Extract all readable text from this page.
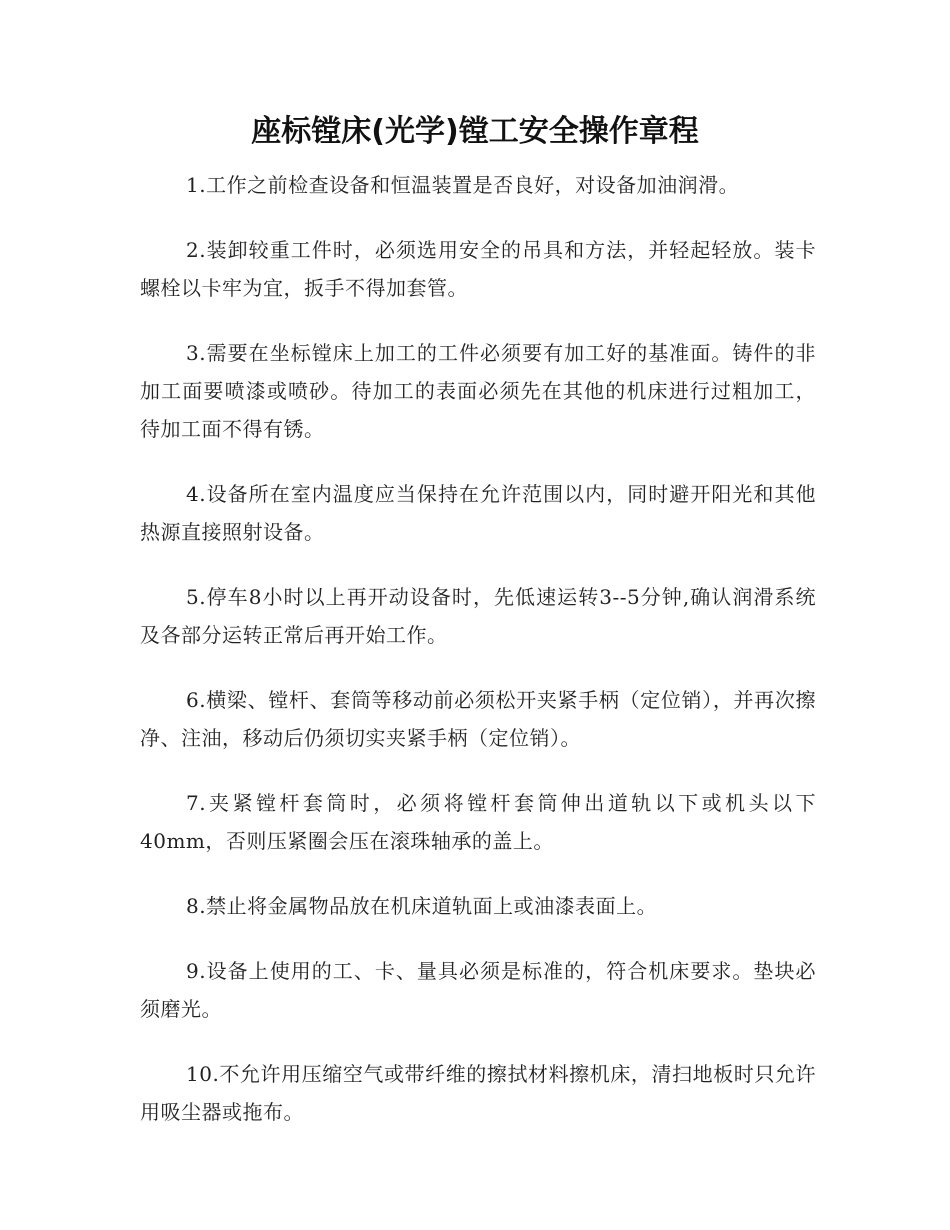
座标镗床(光学)镗工安全操作章程

1.工作之前检查设备和恒温装置是否良好，对设备加油润滑。

2.装卸较重工件时，必须选用安全的吊具和方法，并轻起轻放。装卡螺栓以卡牢为宜，扳手不得加套管。

3.需要在坐标镗床上加工的工件必须要有加工好的基准面。铸件的非加工面要喷漆或喷砂。待加工的表面必须先在其他的机床进行过粗加工，待加工面不得有锈。

4.设备所在室内温度应当保持在允许范围以内，同时避开阳光和其他热源直接照射设备。

5.停车8小时以上再开动设备时，先低速运转3--5分钟,确认润滑系统及各部分运转正常后再开始工作。

6.横梁、镗杆、套筒等移动前必须松开夹紧手柄（定位销），并再次擦净、注油，移动后仍须切实夹紧手柄（定位销）。

7.夹紧镗杆套筒时，必须将镗杆套筒伸出道轨以下或机头以下40mm，否则压紧圈会压在滚珠轴承的盖上。

8.禁止将金属物品放在机床道轨面上或油漆表面上。

9.设备上使用的工、卡、量具必须是标准的，符合机床要求。垫块必须磨光。

10.不允许用压缩空气或带纤维的擦拭材料擦机床，清扫地板时只允许用吸尘器或拖布。
